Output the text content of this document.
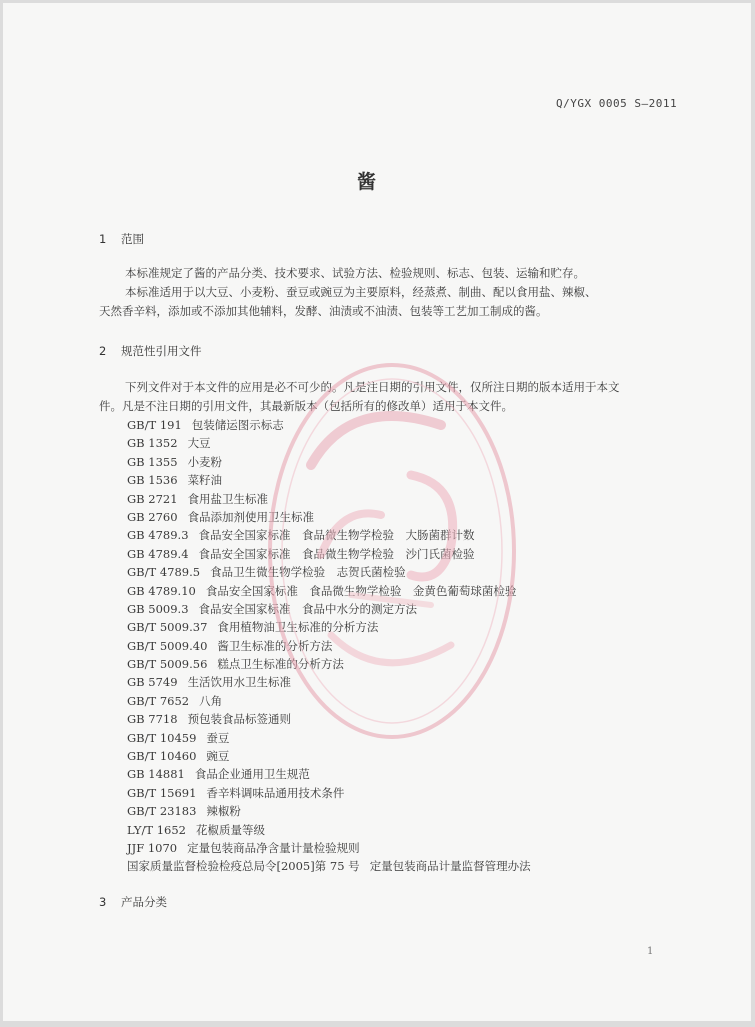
Q/YGX 0005 S—2011
酱
1 范围
本标准规定了酱的产品分类、技术要求、试验方法、检验规则、标志、包装、运输和贮存。
本标准适用于以大豆、小麦粉、蚕豆或豌豆为主要原料，经蒸煮、制曲、配以食用盐、辣椒、
天然香辛料，添加或不添加其他辅料，发酵、油渍或不油渍、包装等工艺加工制成的酱。
2 规范性引用文件
下列文件对于本文件的应用是必不可少的。凡是注日期的引用文件，仅所注日期的版本适用于本文
件。凡是不注日期的引用文件，其最新版本（包括所有的修改单）适用于本文件。
GB/T 191 包装储运图示标志
GB 1352 大豆
GB 1355 小麦粉
GB 1536 菜籽油
GB 2721 食用盐卫生标准
GB 2760 食品添加剂使用卫生标准
GB 4789.3 食品安全国家标准　食品微生物学检验　大肠菌群计数
GB 4789.4 食品安全国家标准　食品微生物学检验　沙门氏菌检验
GB/T 4789.5 食品卫生微生物学检验　志贺氏菌检验
GB 4789.10 食品安全国家标准　食品微生物学检验　金黄色葡萄球菌检验
GB 5009.3 食品安全国家标准　食品中水分的测定方法
GB/T 5009.37 食用植物油卫生标准的分析方法
GB/T 5009.40 酱卫生标准的分析方法
GB/T 5009.56 糕点卫生标准的分析方法
GB 5749 生活饮用水卫生标准
GB/T 7652 八角
GB 7718 预包装食品标签通则
GB/T 10459 蚕豆
GB/T 10460 豌豆
GB 14881 食品企业通用卫生规范
GB/T 15691 香辛料调味品通用技术条件
GB/T 23183 辣椒粉
LY/T 1652 花椒质量等级
JJF 1070 定量包装商品净含量计量检验规则
国家质量监督检验检疫总局令[2005]第 75 号 定量包装商品计量监督管理办法
3 产品分类
1
